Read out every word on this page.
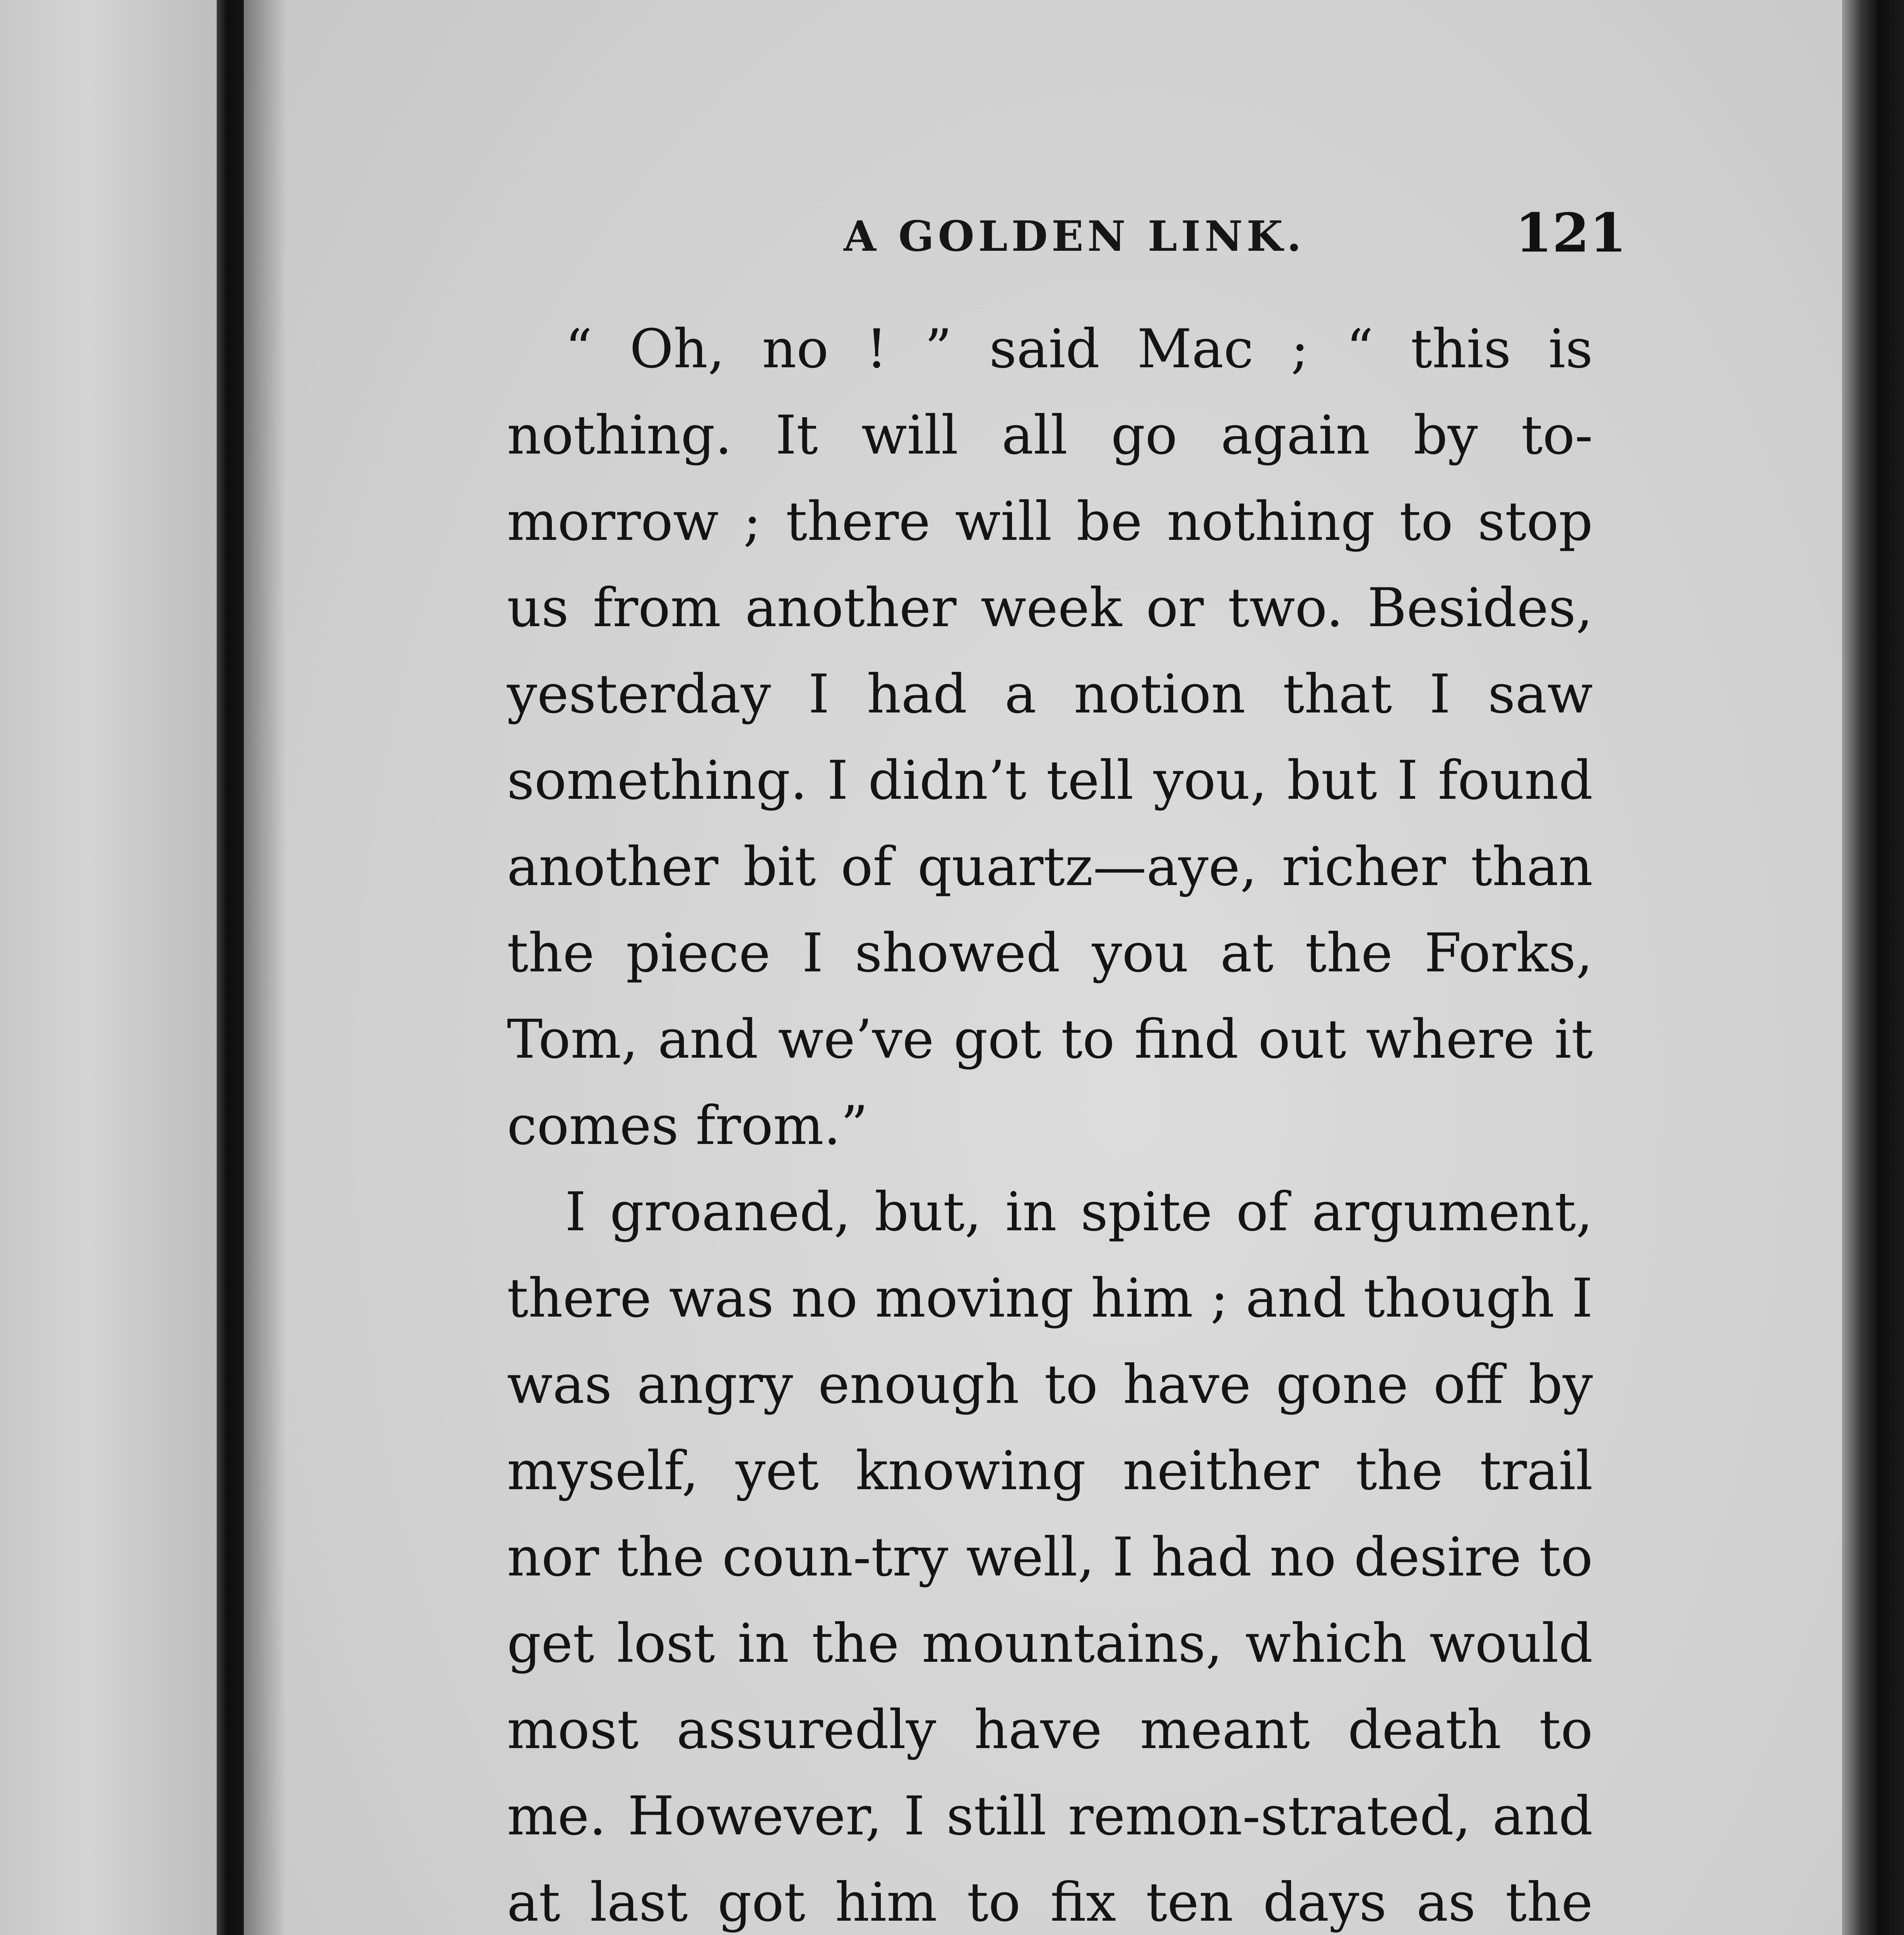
A GOLDEN LINK.	121

“ Oh, no ! ” said Mac ; “ this is nothing. It will all go again by to-morrow ; there will be nothing to stop us from another week or two. Besides, yesterday I had a notion that I saw something. I didn’t tell you, but I found another bit of quartz—aye, richer than the piece I showed you at the Forks, Tom, and we’ve got to find out where it comes from.”

I groaned, but, in spite of argument, there was no moving him ; and though I was angry enough to have gone off by myself, yet knowing neither the trail nor the coun-try well, I had no desire to get lost in the mountains, which would most assuredly have meant death to me. However, I still remon-strated, and at last got him to fix ten days as the
